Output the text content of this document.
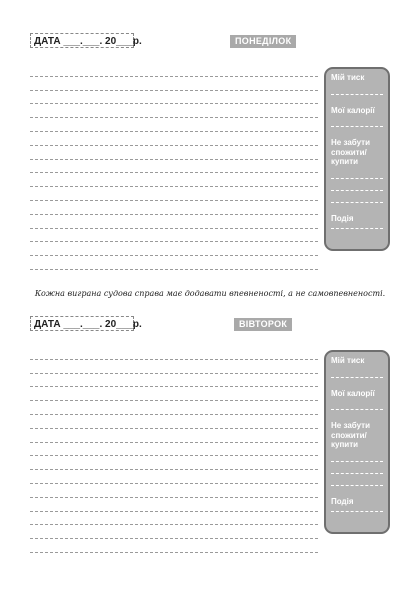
ДАТА ___.___. 20___р.	ПОНЕДІЛОК
Мій тиск
Мої калорії
Не забути спожити/ купити
Подія
Кожна виграна судова справа має додавати впевненості, а не самовпевненості.
ДАТА ___.___. 20___р.	ВІВТОРОК
Мій тиск
Мої калорії
Не забути спожити/ купити
Подія
